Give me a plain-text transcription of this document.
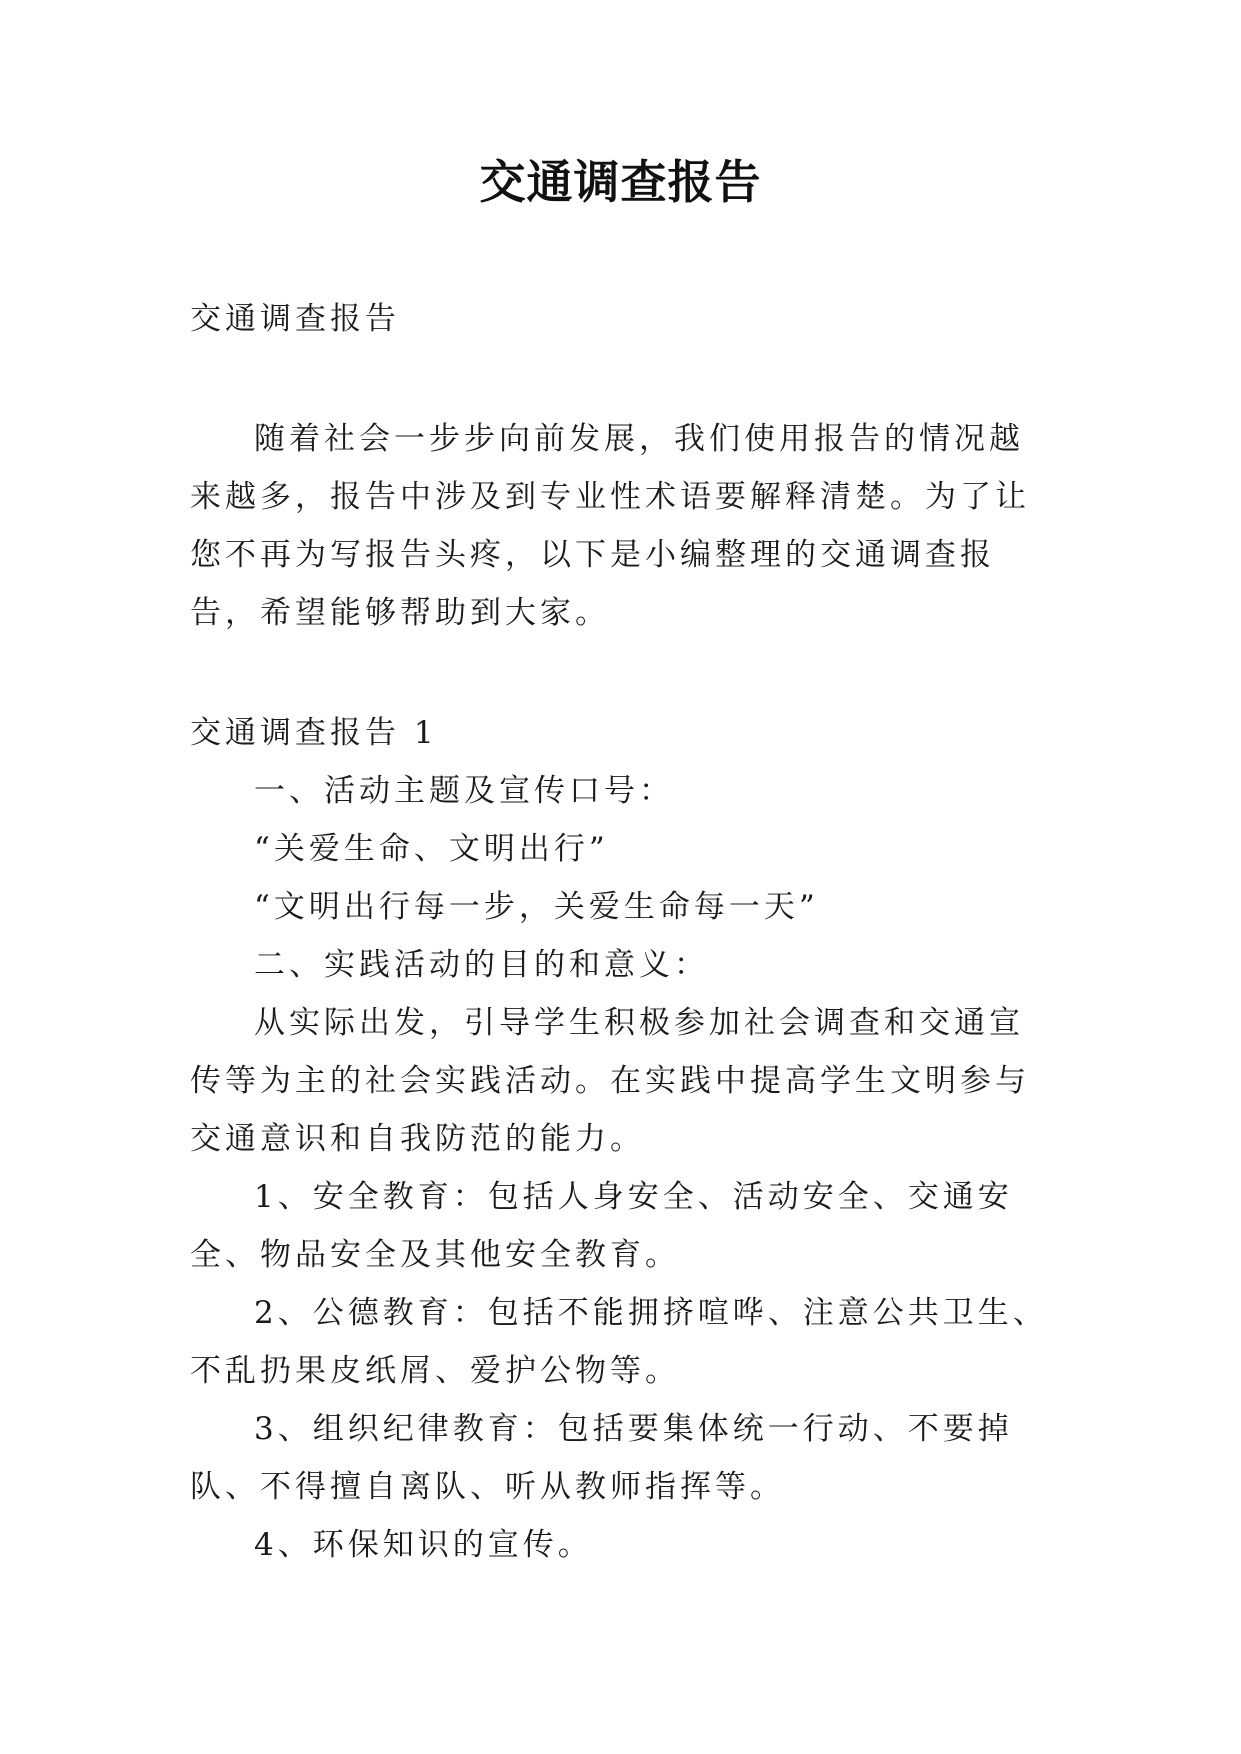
交通调查报告

交通调查报告

随着社会一步步向前发展，我们使用报告的情况越来越多，报告中涉及到专业性术语要解释清楚。为了让您不再为写报告头疼，以下是小编整理的交通调查报告，希望能够帮助到大家。

交通调查报告 1

一、活动主题及宣传口号：

“关爱生命、文明出行”

“文明出行每一步，关爱生命每一天”

二、实践活动的目的和意义：

从实际出发，引导学生积极参加社会调查和交通宣传等为主的社会实践活动。在实践中提高学生文明参与交通意识和自我防范的能力。

1、安全教育：包括人身安全、活动安全、交通安全、物品安全及其他安全教育。

2、公德教育：包括不能拥挤喧哗、注意公共卫生、不乱扔果皮纸屑、爱护公物等。

3、组织纪律教育：包括要集体统一行动、不要掉队、不得擅自离队、听从教师指挥等。

4、环保知识的宣传。
